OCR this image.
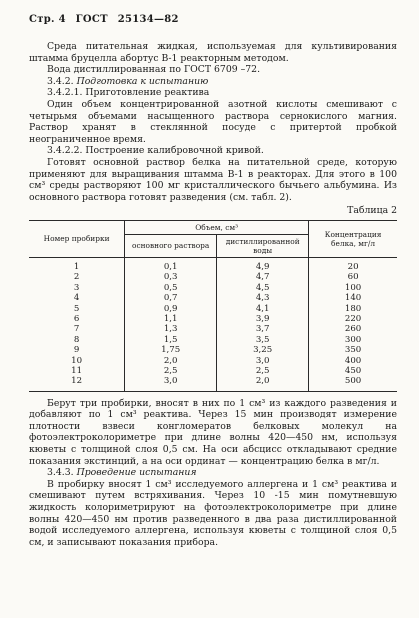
Стр. 4 ГОСТ 25134—82

Среда питательная жидкая, используемая для культивирования штамма бруцелла абортус В-1 реакторным методом.

Вода дистиллированная по ГОСТ 6709 –72.

3.4.2. Подготовка к испытанию

3.4.2.1. Приготовление реактива

Один объем концентрированной азотной кислоты смешивают с четырьмя объемами насыщенного раствора сернокислого магния. Раствор хранят в стеклянной посуде с притертой пробкой неограниченное время.

3.4.2.2. Построение калибровочной кривой.

Готовят основной раствор белка на питательной среде, которую применяют для выращивания штамма В-1 в реакторах. Для этого в 100 см³ среды растворяют 100 мг кристаллического бычьего альбумина. Из основного раствора готовят разведения (см. табл. 2).

Таблица 2

Номер пробирки	Объем, см³		Концентрация белка, мг/л
	основного раствора	дистиллированной воды	
1	0,1	4,9	20
2	0,3	4,7	60
3	0,5	4,5	100
4	0,7	4,3	140
5	0,9	4,1	180
6	1,1	3,9	220
7	1,3	3,7	260
8	1,5	3,5	300
9	1,75	3,25	350
10	2,0	3,0	400
11	2,5	2,5	450
12	3,0	2,0	500

Берут три пробирки, вносят в них по 1 см³ из каждого разведения и добавляют по 1 см³ реактива. Через 15 мин производят измерение плотности взвеси конгломератов белковых молекул на фотоэлектроколориметре при длине волны 420—450 нм, используя кюветы с толщиной слоя 0,5 см. На оси абсцисс откладывают средние показания экстинций, а на оси ординат — концентрацию белка в мг/л.

3.4.3. Проведение испытания

В пробирку вносят 1 см³ исследуемого аллергена и 1 см³ реактива и смешивают путем встряхивания. Через 10 -15 мин помутневшую жидкость колориметрируют на фотоэлектроколориметре при длине волны 420—450 нм против разведенного в два раза дистиллированной водой исследуемого аллергена, используя кюветы с толщиной слоя 0,5 см, и записывают показания прибора.
